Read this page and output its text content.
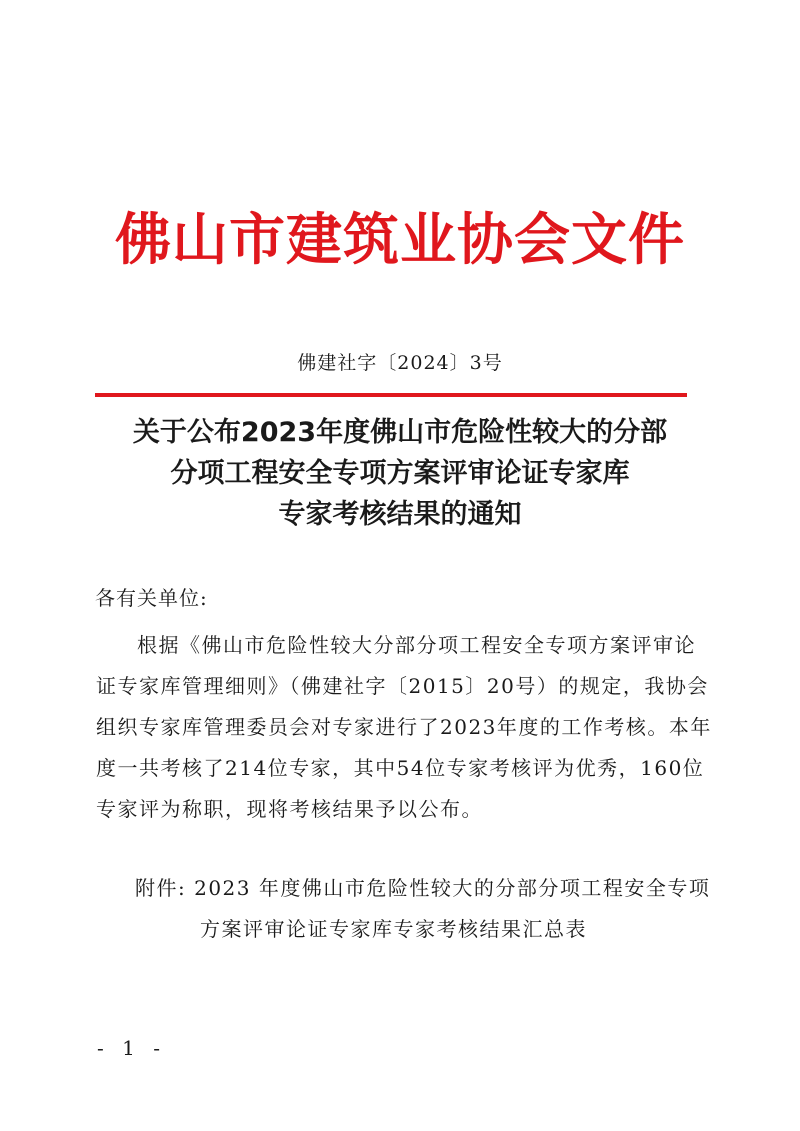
佛山市建筑业协会文件
佛建社字〔2024〕3号
关于公布2023年度佛山市危险性较大的分部
分项工程安全专项方案评审论证专家库
专家考核结果的通知
各有关单位:
根据《佛山市危险性较大分部分项工程安全专项方案评审论
证专家库管理细则》（佛建社字〔2015〕20号）的规定，我协会
组织专家库管理委员会对专家进行了2023年度的工作考核。本年
度一共考核了214位专家，其中54位专家考核评为优秀，160位
专家评为称职，现将考核结果予以公布。
附件: 2023 年度佛山市危险性较大的分部分项工程安全专项
方案评审论证专家库专家考核结果汇总表
- 1 -
